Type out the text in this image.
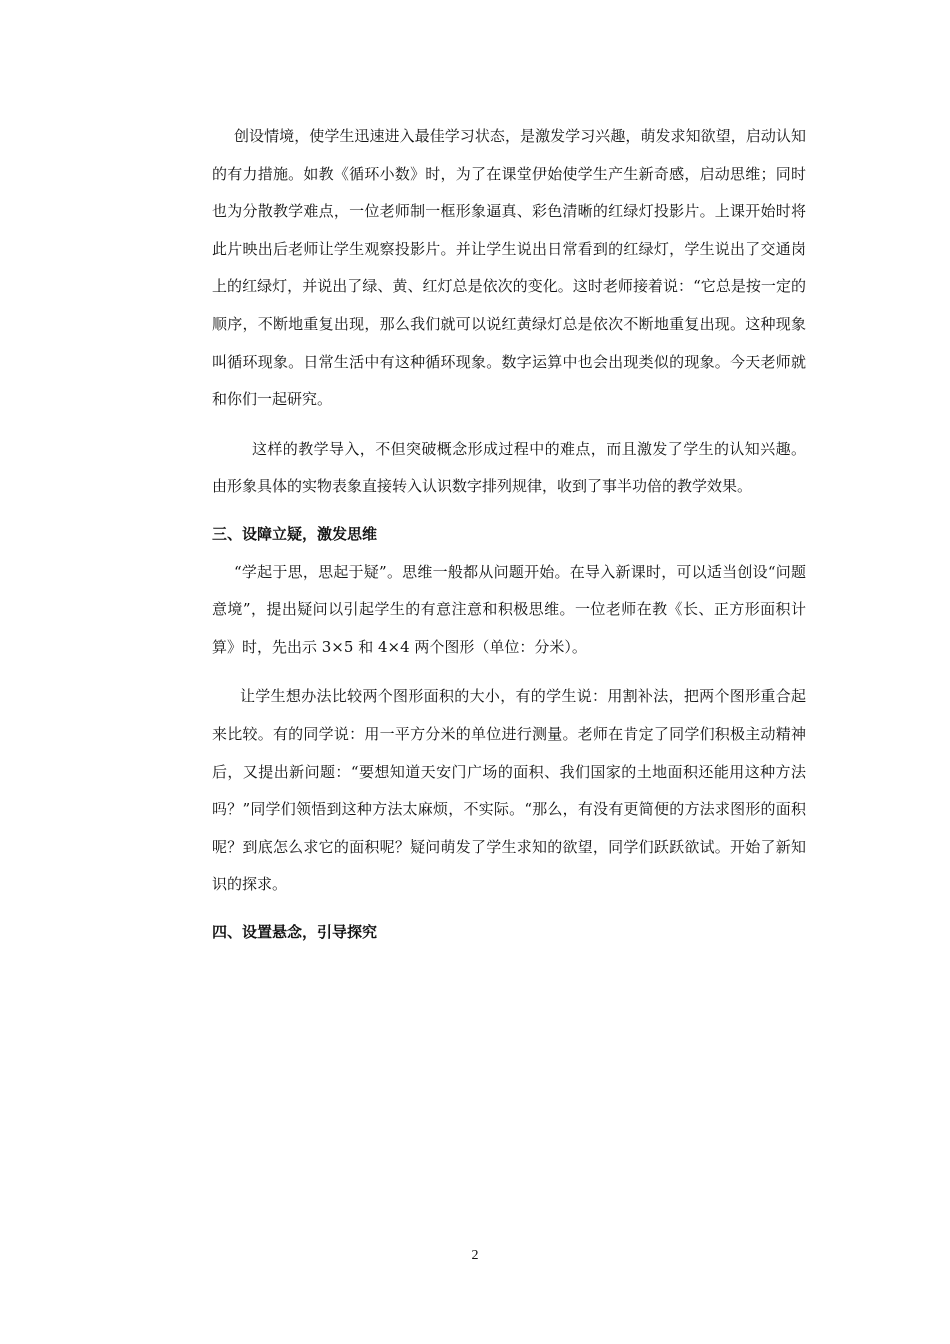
创设情境，使学生迅速进入最佳学习状态，是激发学习兴趣，萌发求知欲望，启动认知的有力措施。如教《循环小数》时，为了在课堂伊始使学生产生新奇感，启动思维；同时也为分散教学难点，一位老师制一框形象逼真、彩色清晰的红绿灯投影片。上课开始时将此片映出后老师让学生观察投影片。并让学生说出日常看到的红绿灯，学生说出了交通岗上的红绿灯，并说出了绿、黄、红灯总是依次的变化。这时老师接着说：“它总是按一定的顺序，不断地重复出现，那么我们就可以说红黄绿灯总是依次不断地重复出现。这种现象叫循环现象。日常生活中有这种循环现象。数字运算中也会出现类似的现象。今天老师就和你们一起研究。

这样的教学导入，不但突破概念形成过程中的难点，而且激发了学生的认知兴趣。由形象具体的实物表象直接转入认识数字排列规律，收到了事半功倍的教学效果。

三、设障立疑，激发思维

“学起于思，思起于疑”。思维一般都从问题开始。在导入新课时，可以适当创设“问题意境”，提出疑问以引起学生的有意注意和积极思维。一位老师在教《长、正方形面积计算》时，先出示 3×5 和 4×4 两个图形（单位：分米）。

让学生想办法比较两个图形面积的大小，有的学生说：用割补法，把两个图形重合起来比较。有的同学说：用一平方分米的单位进行测量。老师在肯定了同学们积极主动精神后，又提出新问题：“要想知道天安门广场的面积、我们国家的土地面积还能用这种方法吗？”同学们领悟到这种方法太麻烦，不实际。“那么，有没有更简便的方法求图形的面积呢？到底怎么求它的面积呢？疑问萌发了学生求知的欲望，同学们跃跃欲试。开始了新知识的探求。

四、设置悬念，引导探究
2
